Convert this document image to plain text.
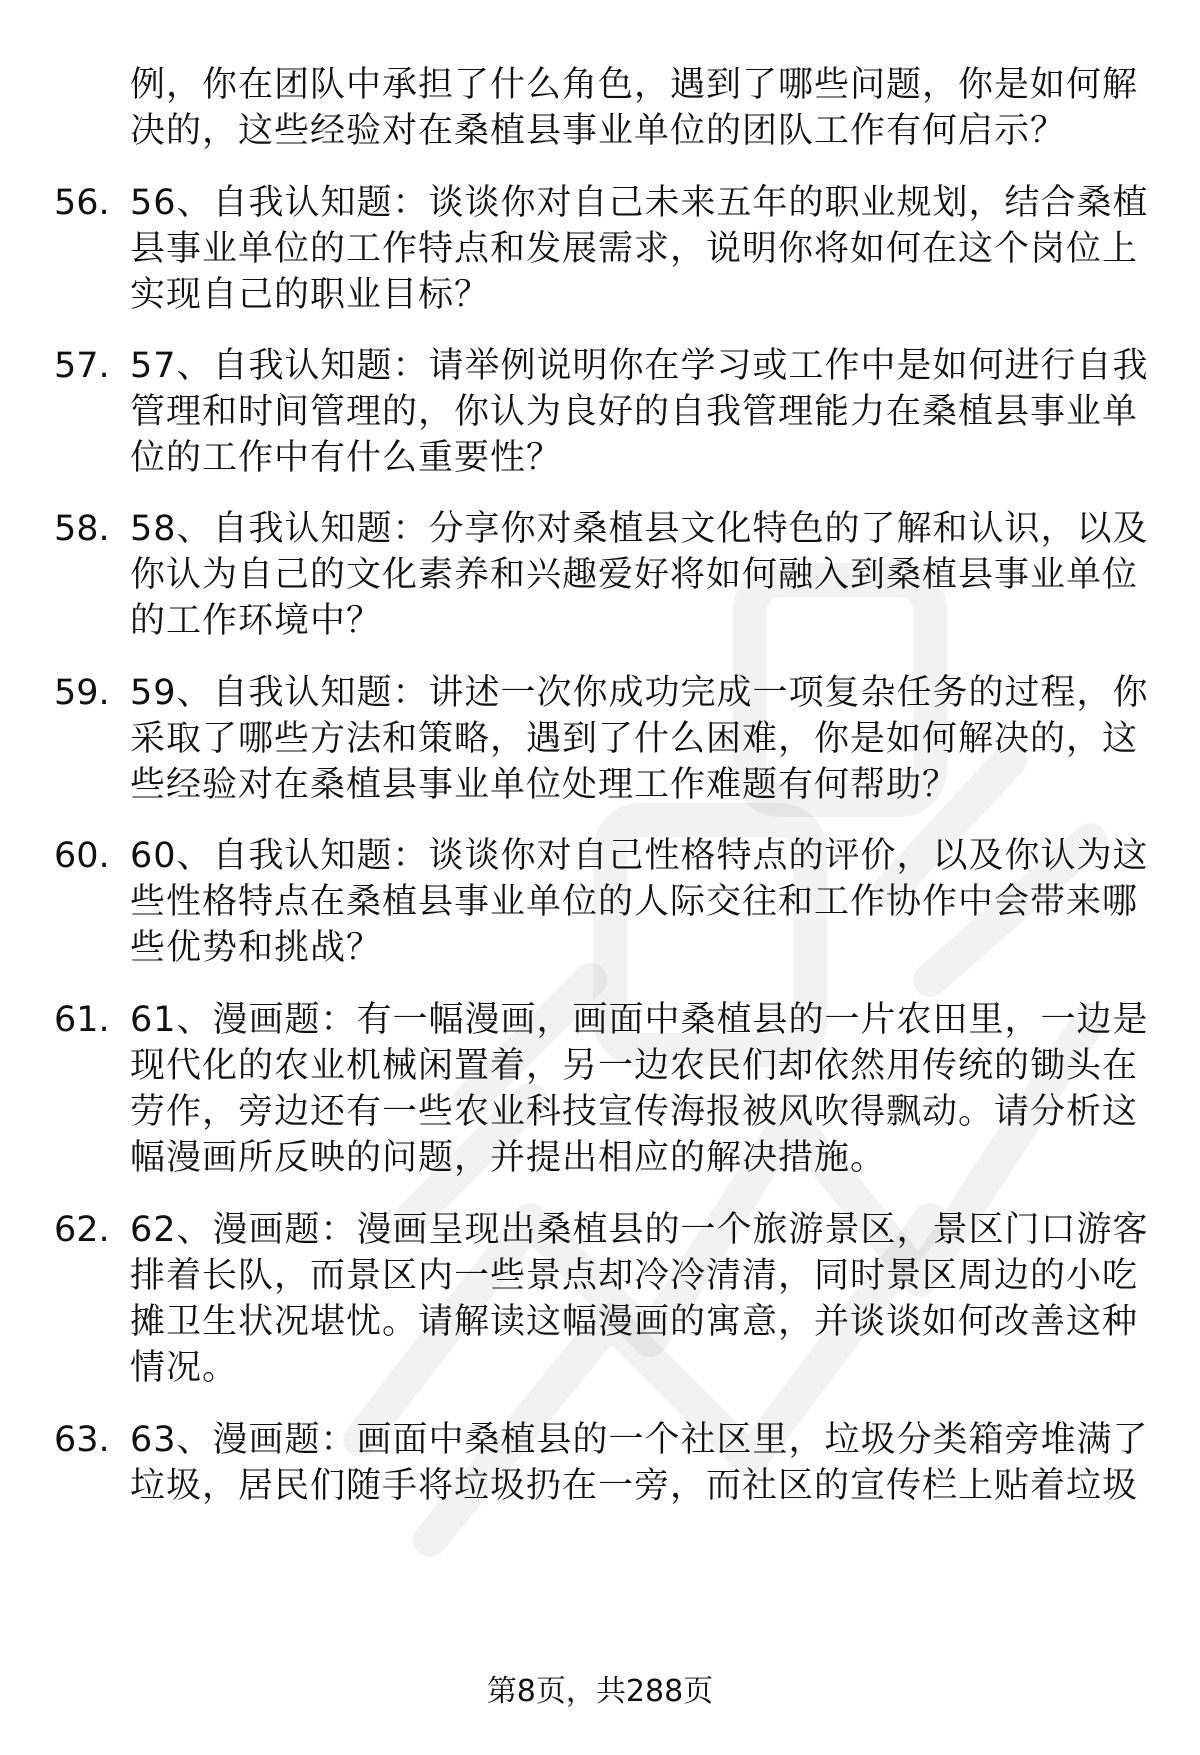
例，你在团队中承担了什么角色，遇到了哪些问题，你是如何解决的，这些经验对在桑植县事业单位的团队工作有何启示？
56. 56、自我认知题：谈谈你对自己未来五年的职业规划，结合桑植县事业单位的工作特点和发展需求，说明你将如何在这个岗位上实现自己的职业目标？
57. 57、自我认知题：请举例说明你在学习或工作中是如何进行自我管理和时间管理的，你认为良好的自我管理能力在桑植县事业单位的工作中有什么重要性？
58. 58、自我认知题：分享你对桑植县文化特色的了解和认识，以及你认为自己的文化素养和兴趣爱好将如何融入到桑植县事业单位的工作环境中？
59. 59、自我认知题：讲述一次你成功完成一项复杂任务的过程，你采取了哪些方法和策略，遇到了什么困难，你是如何解决的，这些经验对在桑植县事业单位处理工作难题有何帮助？
60. 60、自我认知题：谈谈你对自己性格特点的评价，以及你认为这些性格特点在桑植县事业单位的人际交往和工作协作中会带来哪些优势和挑战？
61. 61、漫画题：有一幅漫画，画面中桑植县的一片农田里，一边是现代化的农业机械闲置着，另一边农民们却依然用传统的锄头在劳作，旁边还有一些农业科技宣传海报被风吹得飘动。请分析这幅漫画所反映的问题，并提出相应的解决措施。
62. 62、漫画题：漫画呈现出桑植县的一个旅游景区，景区门口游客排着长队，而景区内一些景点却冷冷清清，同时景区周边的小吃摊卫生状况堪忧。请解读这幅漫画的寓意，并谈谈如何改善这种情况。
63. 63、漫画题：画面中桑植县的一个社区里，垃圾分类箱旁堆满了垃圾，居民们随手将垃圾扔在一旁，而社区的宣传栏上贴着垃圾
第8页，共288页
